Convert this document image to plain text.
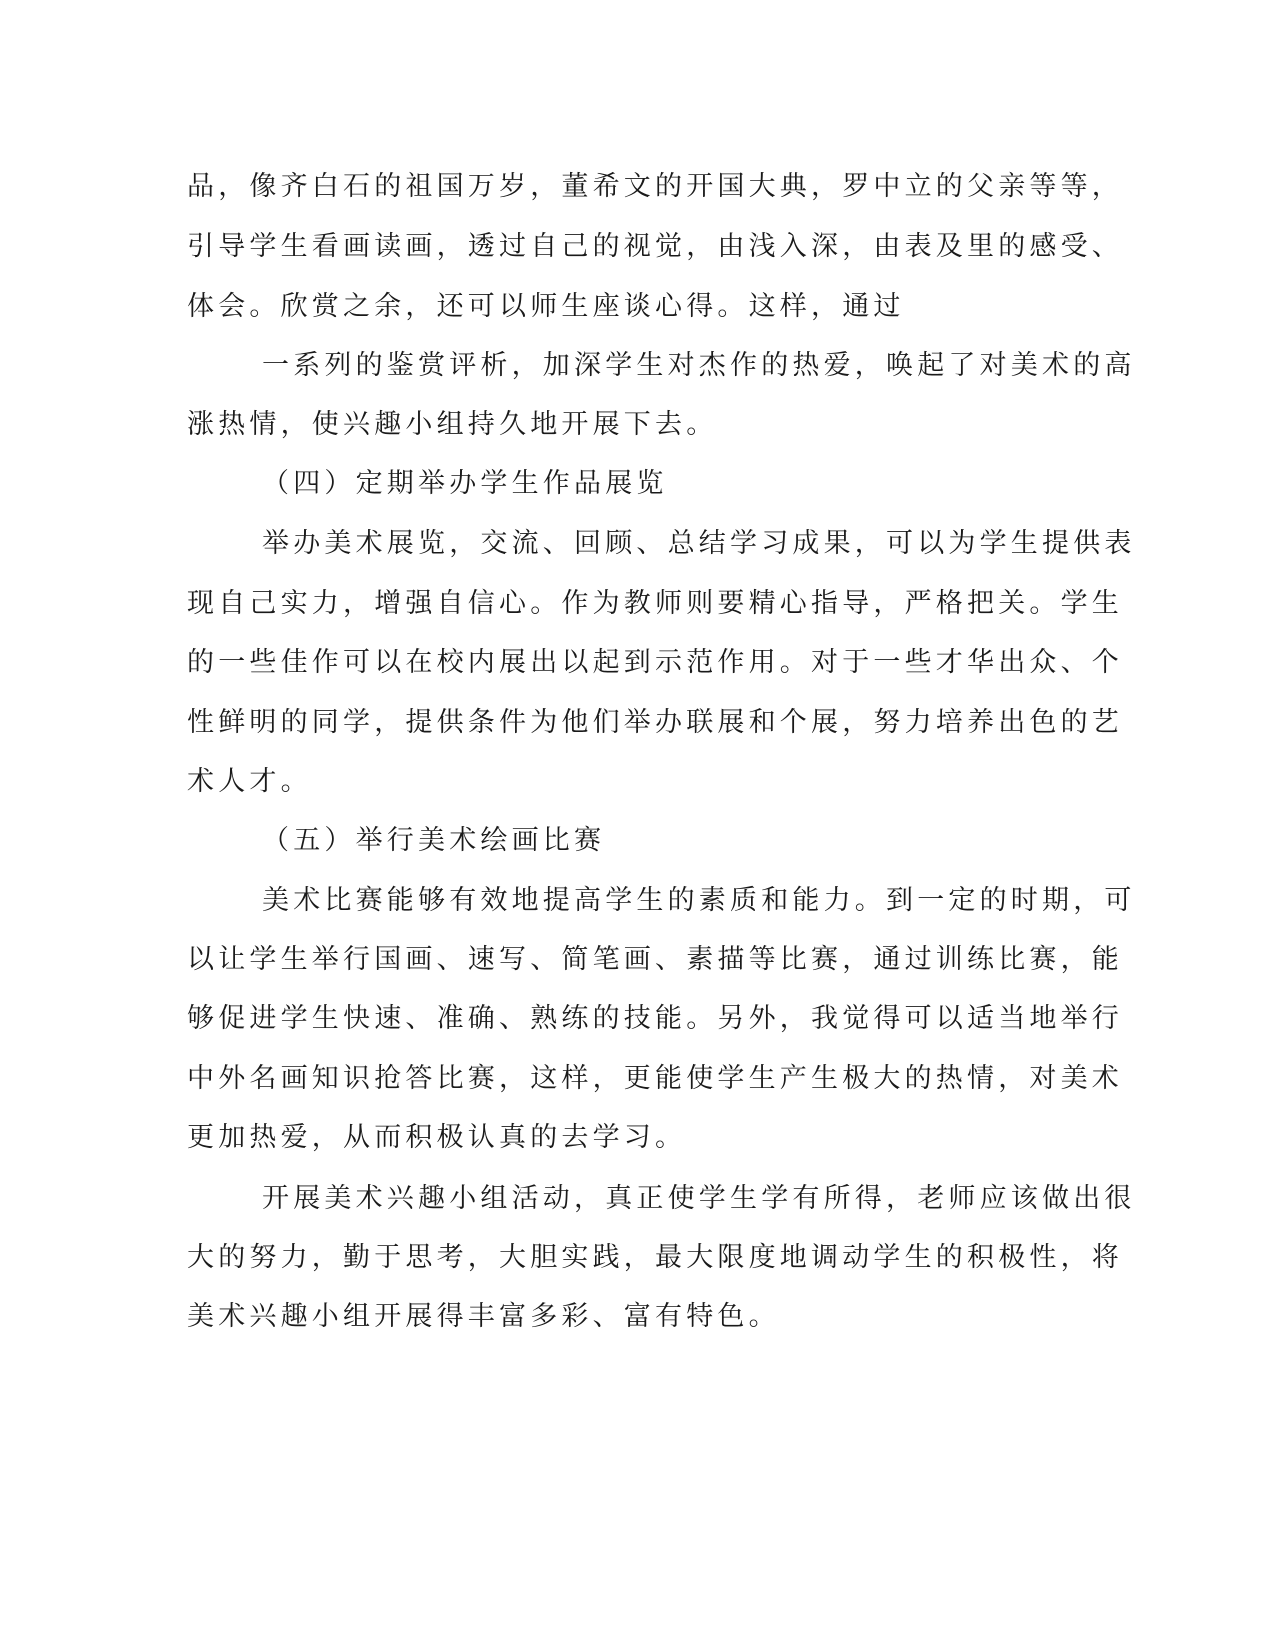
品，像齐白石的祖国万岁，董希文的开国大典，罗中立的父亲等等，
引导学生看画读画，透过自己的视觉，由浅入深，由表及里的感受、
体会。欣赏之余，还可以师生座谈心得。这样，通过
一系列的鉴赏评析，加深学生对杰作的热爱，唤起了对美术的高
涨热情，使兴趣小组持久地开展下去。
（四）定期举办学生作品展览
举办美术展览，交流、回顾、总结学习成果，可以为学生提供表
现自己实力，增强自信心。作为教师则要精心指导，严格把关。学生
的一些佳作可以在校内展出以起到示范作用。对于一些才华出众、个
性鲜明的同学，提供条件为他们举办联展和个展，努力培养出色的艺
术人才。
（五）举行美术绘画比赛
美术比赛能够有效地提高学生的素质和能力。到一定的时期，可
以让学生举行国画、速写、简笔画、素描等比赛，通过训练比赛，能
够促进学生快速、准确、熟练的技能。另外，我觉得可以适当地举行
中外名画知识抢答比赛，这样，更能使学生产生极大的热情，对美术
更加热爱，从而积极认真的去学习。
开展美术兴趣小组活动，真正使学生学有所得，老师应该做出很
大的努力，勤于思考，大胆实践，最大限度地调动学生的积极性，将
美术兴趣小组开展得丰富多彩、富有特色。
